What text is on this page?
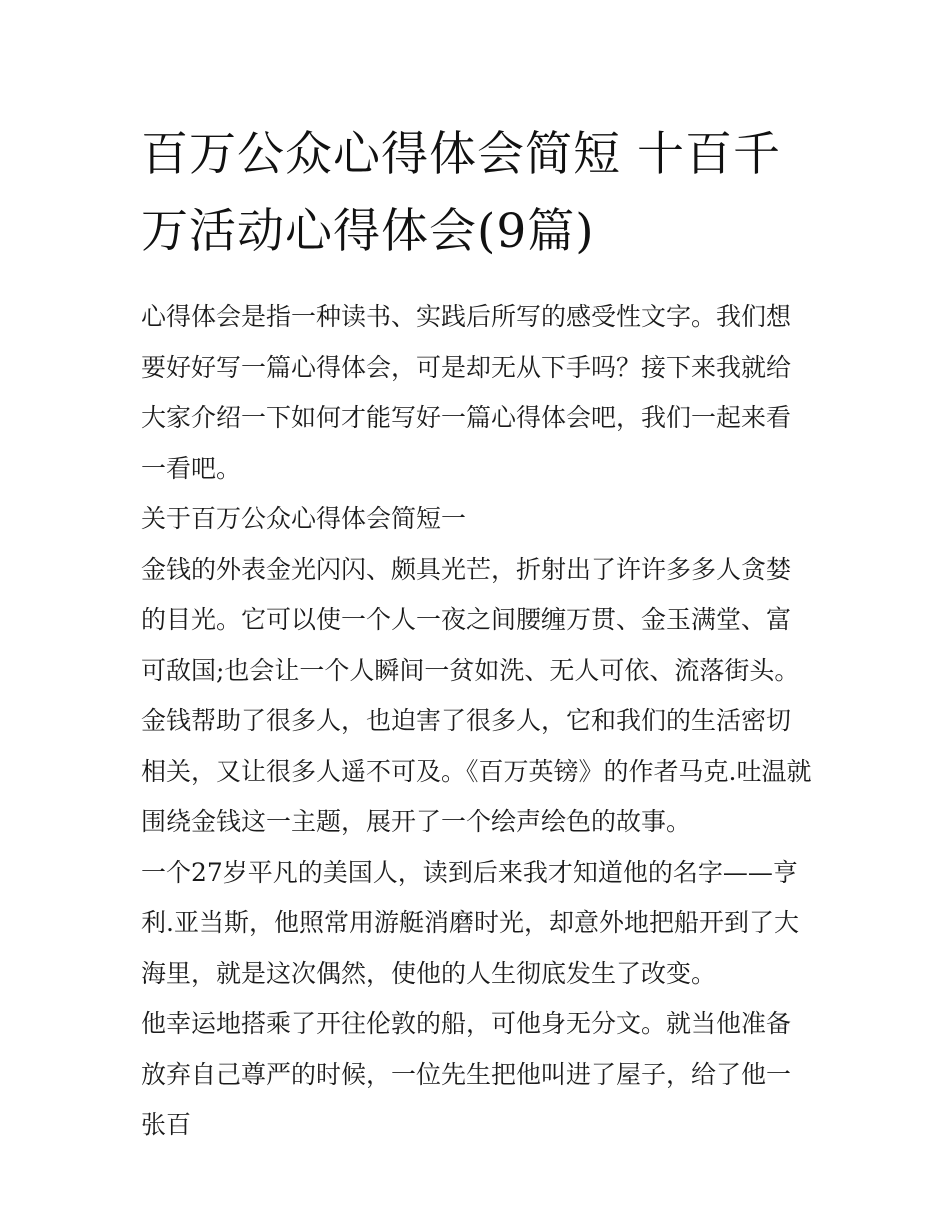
百万公众心得体会简短 十百千万活动心得体会(9篇)

心得体会是指一种读书、实践后所写的感受性文字。我们想要好好写一篇心得体会，可是却无从下手吗？接下来我就给大家介绍一下如何才能写好一篇心得体会吧，我们一起来看一看吧。

关于百万公众心得体会简短一

金钱的外表金光闪闪、颇具光芒，折射出了许许多多人贪婪的目光。它可以使一个人一夜之间腰缠万贯、金玉满堂、富可敌国;也会让一个人瞬间一贫如洗、无人可依、流落街头。金钱帮助了很多人，也迫害了很多人，它和我们的生活密切相关，又让很多人遥不可及。《百万英镑》的作者马克.吐温就围绕金钱这一主题，展开了一个绘声绘色的故事。

一个27岁平凡的美国人，读到后来我才知道他的名字——亨利.亚当斯，他照常用游艇消磨时光，却意外地把船开到了大海里，就是这次偶然，使他的人生彻底发生了改变。

他幸运地搭乘了开往伦敦的船，可他身无分文。就当他准备放弃自己尊严的时候，一位先生把他叫进了屋子，给了他一张百
